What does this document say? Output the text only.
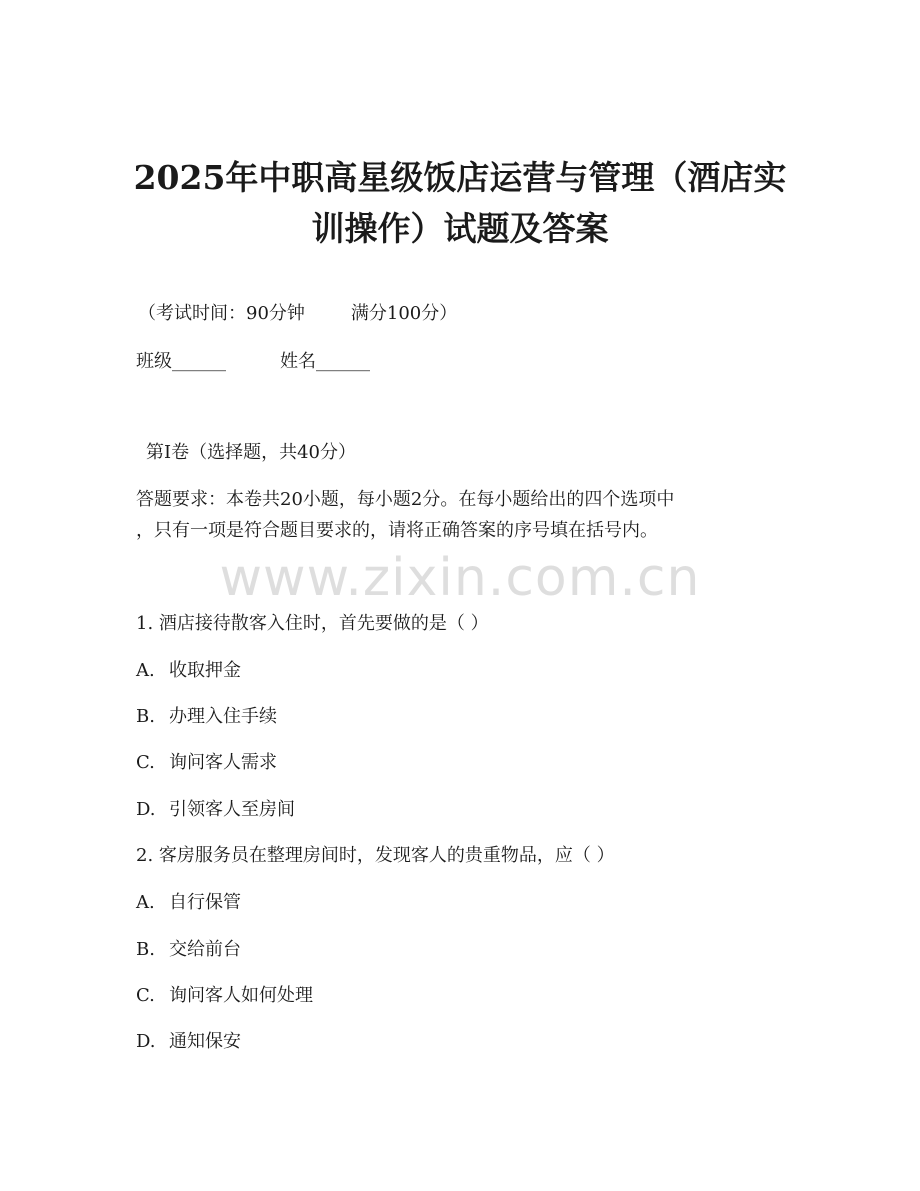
2025年中职高星级饭店运营与管理（酒店实
训操作）试题及答案

（考试时间：90分钟	满分100分）

班级______	姓名______

第I卷（选择题，共40分）

答题要求：本卷共20小题，每小题2分。在每小题给出的四个选项中

，只有一项是符合题目要求的，请将正确答案的序号填在括号内。

www.zixin.com.cn

1. 酒店接待散客入住时，首先要做的是（ ）

A. 收取押金

B. 办理入住手续

C. 询问客人需求

D. 引领客人至房间

2. 客房服务员在整理房间时，发现客人的贵重物品，应（ ）

A. 自行保管

B. 交给前台

C. 询问客人如何处理

D. 通知保安
